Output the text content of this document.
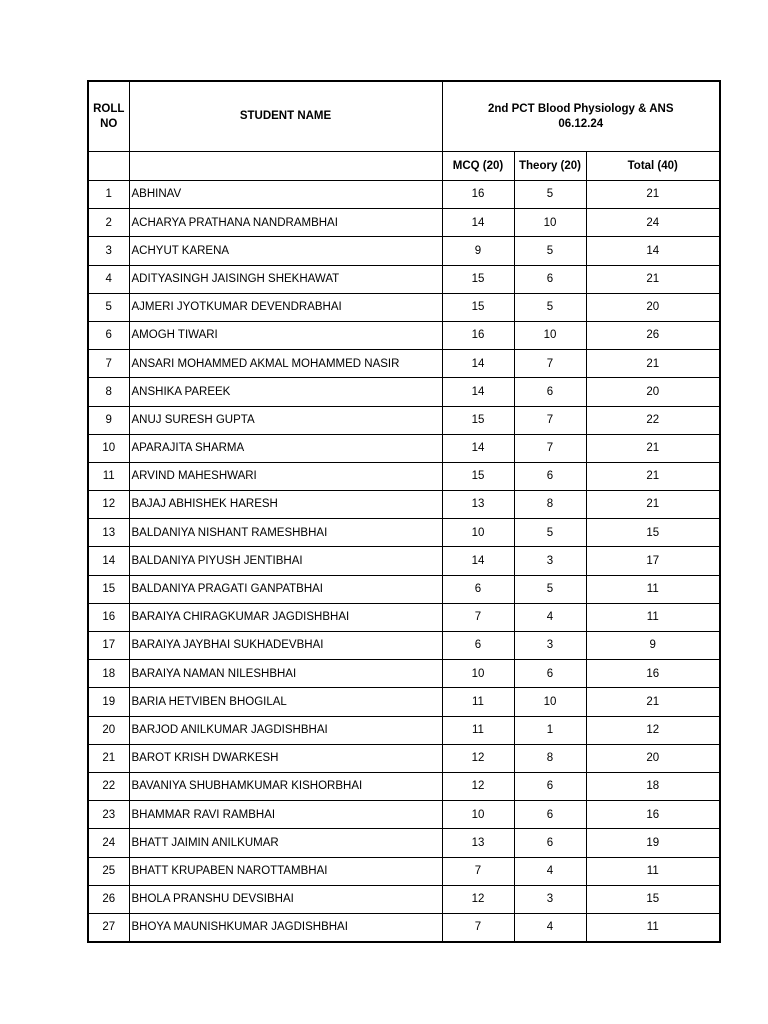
ROLL
NO	STUDENT NAME	2nd PCT Blood Physiology & ANS
06.12.24		

		MCQ (20)	Theory (20)	Total (40)
1	ABHINAV	16	5	21
2	ACHARYA PRATHANA NANDRAMBHAI	14	10	24
3	ACHYUT KARENA	9	5	14
4	ADITYASINGH JAISINGH SHEKHAWAT	15	6	21
5	AJMERI JYOTKUMAR DEVENDRABHAI	15	5	20
6	AMOGH TIWARI	16	10	26
7	ANSARI MOHAMMED AKMAL MOHAMMED NASIR	14	7	21
8	ANSHIKA PAREEK	14	6	20
9	ANUJ SURESH GUPTA	15	7	22
10	APARAJITA SHARMA	14	7	21
11	ARVIND MAHESHWARI	15	6	21
12	BAJAJ ABHISHEK HARESH	13	8	21
13	BALDANIYA NISHANT RAMESHBHAI	10	5	15
14	BALDANIYA PIYUSH JENTIBHAI	14	3	17
15	BALDANIYA PRAGATI GANPATBHAI	6	5	11
16	BARAIYA CHIRAGKUMAR JAGDISHBHAI	7	4	11
17	BARAIYA JAYBHAI SUKHADEVBHAI	6	3	9
18	BARAIYA NAMAN NILESHBHAI	10	6	16
19	BARIA HETVIBEN BHOGILAL	11	10	21
20	BARJOD ANILKUMAR JAGDISHBHAI	11	1	12
21	BAROT KRISH DWARKESH	12	8	20
22	BAVANIYA SHUBHAMKUMAR KISHORBHAI	12	6	18
23	BHAMMAR RAVI RAMBHAI	10	6	16
24	BHATT JAIMIN ANILKUMAR	13	6	19
25	BHATT KRUPABEN NAROTTAMBHAI	7	4	11
26	BHOLA PRANSHU DEVSIBHAI	12	3	15
27	BHOYA MAUNISHKUMAR JAGDISHBHAI	7	4	11
